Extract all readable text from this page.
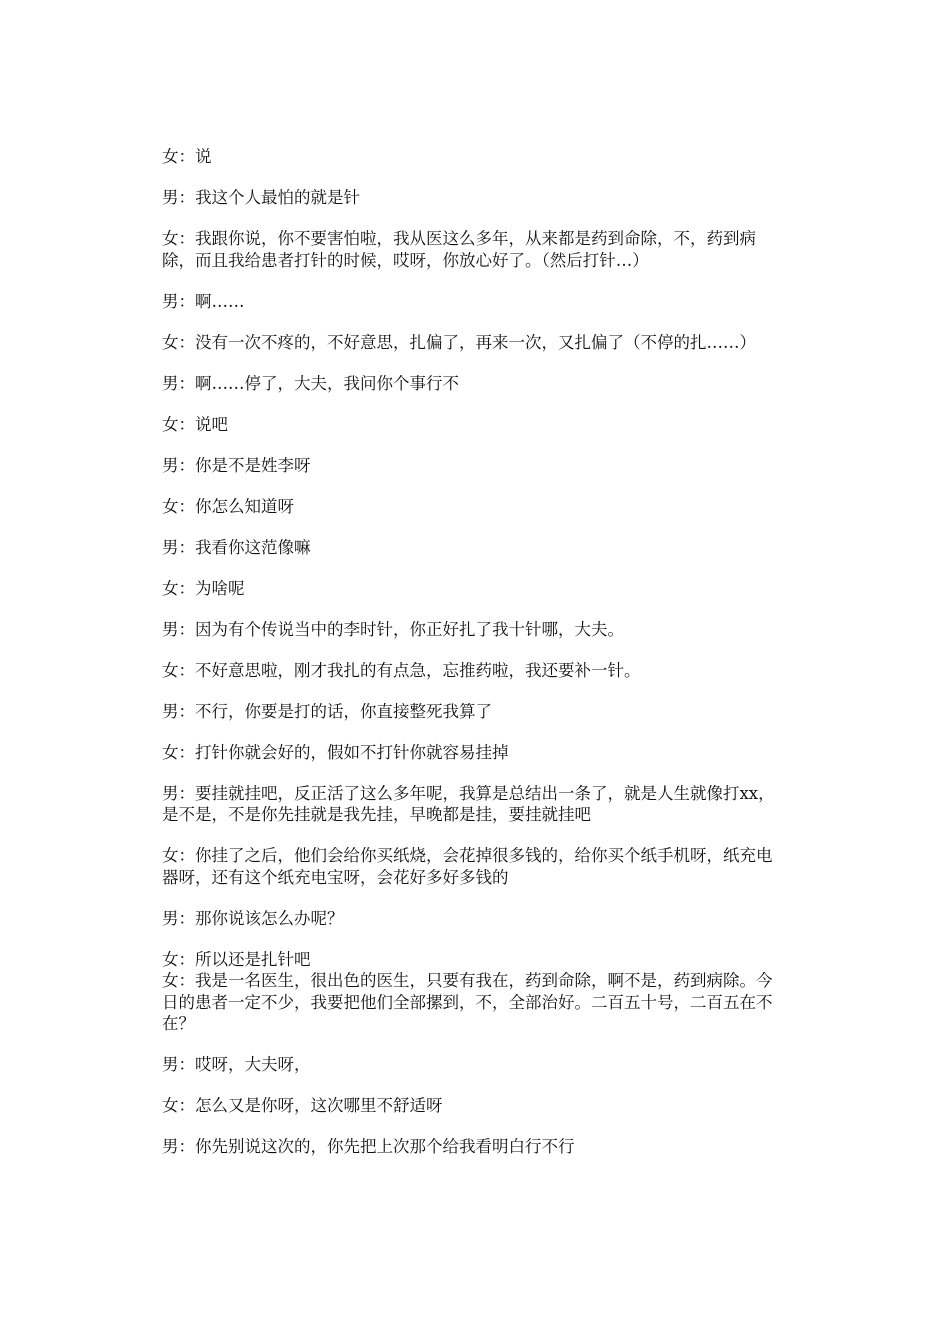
女：说

男：我这个人最怕的就是针

女：我跟你说，你不要害怕啦，我从医这么多年，从来都是药到命除，不，药到病除，而且我给患者打针的时候，哎呀，你放心好了。（然后打针…）

男：啊……

女：没有一次不疼的，不好意思，扎偏了，再来一次，又扎偏了（不停的扎……）

男：啊……停了，大夫，我问你个事行不

女：说吧

男：你是不是姓李呀

女：你怎么知道呀

男：我看你这范像嘛

女：为啥呢

男：因为有个传说当中的李时针，你正好扎了我十针哪，大夫。

女：不好意思啦，刚才我扎的有点急，忘推药啦，我还要补一针。

男：不行，你要是打的话，你直接整死我算了

女：打针你就会好的，假如不打针你就容易挂掉

男：要挂就挂吧，反正活了这么多年呢，我算是总结出一条了，就是人生就像打xx，是不是，不是你先挂就是我先挂，早晚都是挂，要挂就挂吧

女：你挂了之后，他们会给你买纸烧，会花掉很多钱的，给你买个纸手机呀，纸充电器呀，还有这个纸充电宝呀，会花好多好多钱的

男：那你说该怎么办呢？

女：所以还是扎针吧

女：我是一名医生，很出色的医生，只要有我在，药到命除，啊不是，药到病除。今日的患者一定不少，我要把他们全部摞到，不，全部治好。二百五十号，二百五在不在？

男：哎呀，大夫呀，

女：怎么又是你呀，这次哪里不舒适呀

男：你先别说这次的，你先把上次那个给我看明白行不行
